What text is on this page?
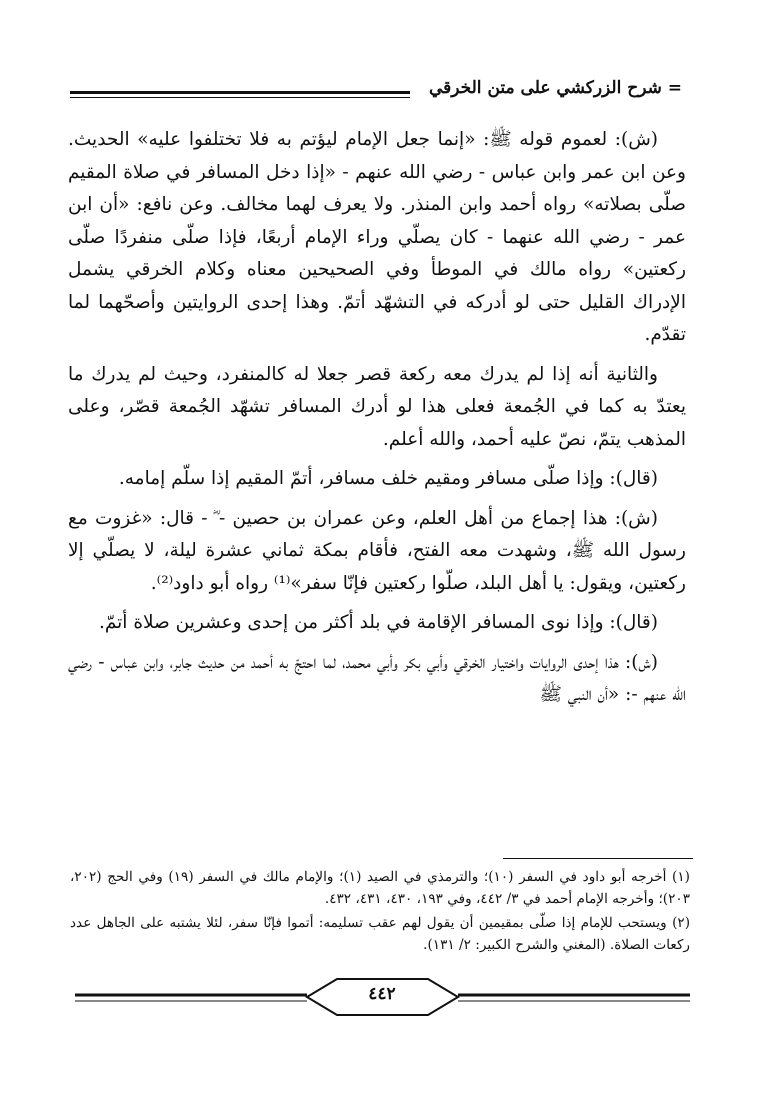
= شرح الزركشي على متن الخرقي

(ش): لعموم قوله ﷺ: «إنما جعل الإمام ليؤتم به فلا تختلفوا عليه» الحديث. وعن ابن عمر وابن عباس - رضي الله عنهم - «إذا دخل المسافر في صلاة المقيم صلّى بصلاته» رواه أحمد وابن المنذر. ولا يعرف لهما مخالف. وعن نافع: «أن ابن عمر - رضي الله عنهما - كان يصلّي وراء الإمام أربعًا، فإذا صلّى منفردًا صلّى ركعتين» رواه مالك في الموطأ وفي الصحيحين معناه وكلام الخرقي يشمل الإدراك القليل حتى لو أدركه في التشهّد أتمّ. وهذا إحدى الروايتين وأصحّهما لما تقدّم.

والثانية أنه إذا لم يدرك معه ركعة قصر جعلا له كالمنفرد، وحيث لم يدرك ما يعتدّ به كما في الجُمعة فعلى هذا لو أدرك المسافر تشهّد الجُمعة قصّر، وعلى المذهب يتمّ، نصّ عليه أحمد، والله أعلم.

(قال): وإذا صلّى مسافر ومقيم خلف مسافر، أتمّ المقيم إذا سلّم إمامه.

(ش): هذا إجماع من أهل العلم، وعن عمران بن حصين - ؓ - قال: «غزوت مع رسول الله ﷺ، وشهدت معه الفتح، فأقام بمكة ثماني عشرة ليلة، لا يصلّي إلا ركعتين، ويقول: يا أهل البلد، صلّوا ركعتين فإنّا سفر»⁽¹⁾ رواه أبو داود⁽²⁾.

(قال): وإذا نوى المسافر الإقامة في بلد أكثر من إحدى وعشرين صلاة أتمّ.

(ش): هذا إحدى الروايات واختيار الخرقي وأبي بكر وأبي محمد، لما احتجّ به أحمد من حديث جابر، وابن عباس - رضي الله عنهم -: «أن النبي ﷺ

(١) أخرجه أبو داود في السفر (١٠)؛ والترمذي في الصيد (١)؛ والإمام مالك في السفر (١٩) وفي الحج (٢٠٢، ٢٠٣)؛ وأخرجه الإمام أحمد في ٣/ ٤٤٢، وفي ١٩٣، ٤٣٠، ٤٣١، ٤٣٢.

(٢) ويستحب للإمام إذا صلّى بمقيمين أن يقول لهم عقب تسليمه: أتموا فإنّا سفر، لئلا يشتبه على الجاهل عدد ركعات الصلاة. (المغني والشرح الكبير: ٢/ ١٣١).

٤٤٢
